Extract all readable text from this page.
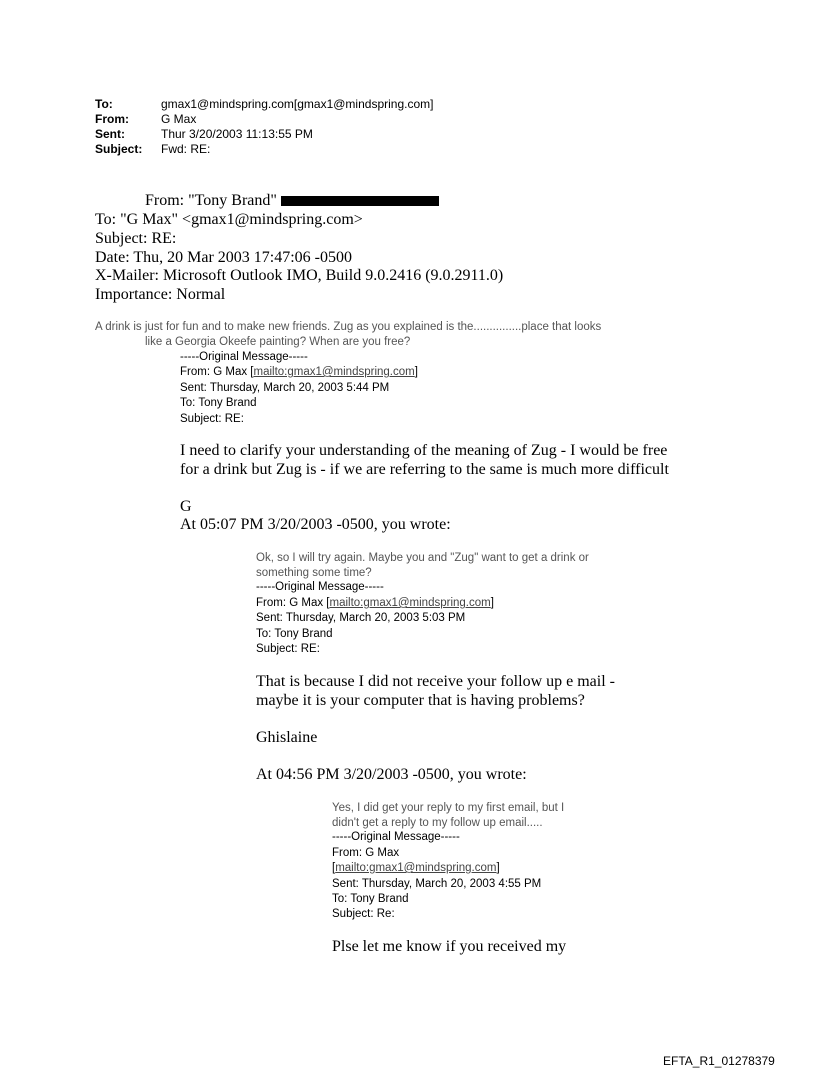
To:	gmax1@mindspring.com[gmax1@mindspring.com]
From:	G Max
Sent:	Thur 3/20/2003 11:13:55 PM
Subject: Fwd: RE:
From: "Tony Brand"
To: "G Max" <gmax1@mindspring.com>
Subject: RE:
Date: Thu, 20 Mar 2003 17:47:06 -0500
X-Mailer: Microsoft Outlook IMO, Build 9.0.2416 (9.0.2911.0)
Importance: Normal
A drink is just for fun and to make new friends. Zug as you explained is the...............place that looks
like a Georgia Okeefe painting? When are you free?
-----Original Message-----
From: G Max [mailto:gmax1@mindspring.com]
Sent: Thursday, March 20, 2003 5:44 PM
To: Tony Brand
Subject: RE:
I need to clarify your understanding of the meaning of Zug - I would be free
for a drink but Zug is - if we are referring to the same is much more difficult
G
At 05:07 PM 3/20/2003 -0500, you wrote:
Ok, so I will try again. Maybe you and "Zug" want to get a drink or
something some time?
-----Original Message-----
From: G Max [mailto:gmax1@mindspring.com]
Sent: Thursday, March 20, 2003 5:03 PM
To: Tony Brand
Subject: RE:
That is because I did not receive your follow up e mail -
maybe it is your computer that is having problems?
Ghislaine
At 04:56 PM 3/20/2003 -0500, you wrote:
Yes, I did get your reply to my first email, but I
didn't get a reply to my follow up email.....
-----Original Message-----
From: G Max
[mailto:gmax1@mindspring.com]
Sent: Thursday, March 20, 2003 4:55 PM
To: Tony Brand
Subject: Re:
Plse let me know if you received my
EFTA_R1_01278379
